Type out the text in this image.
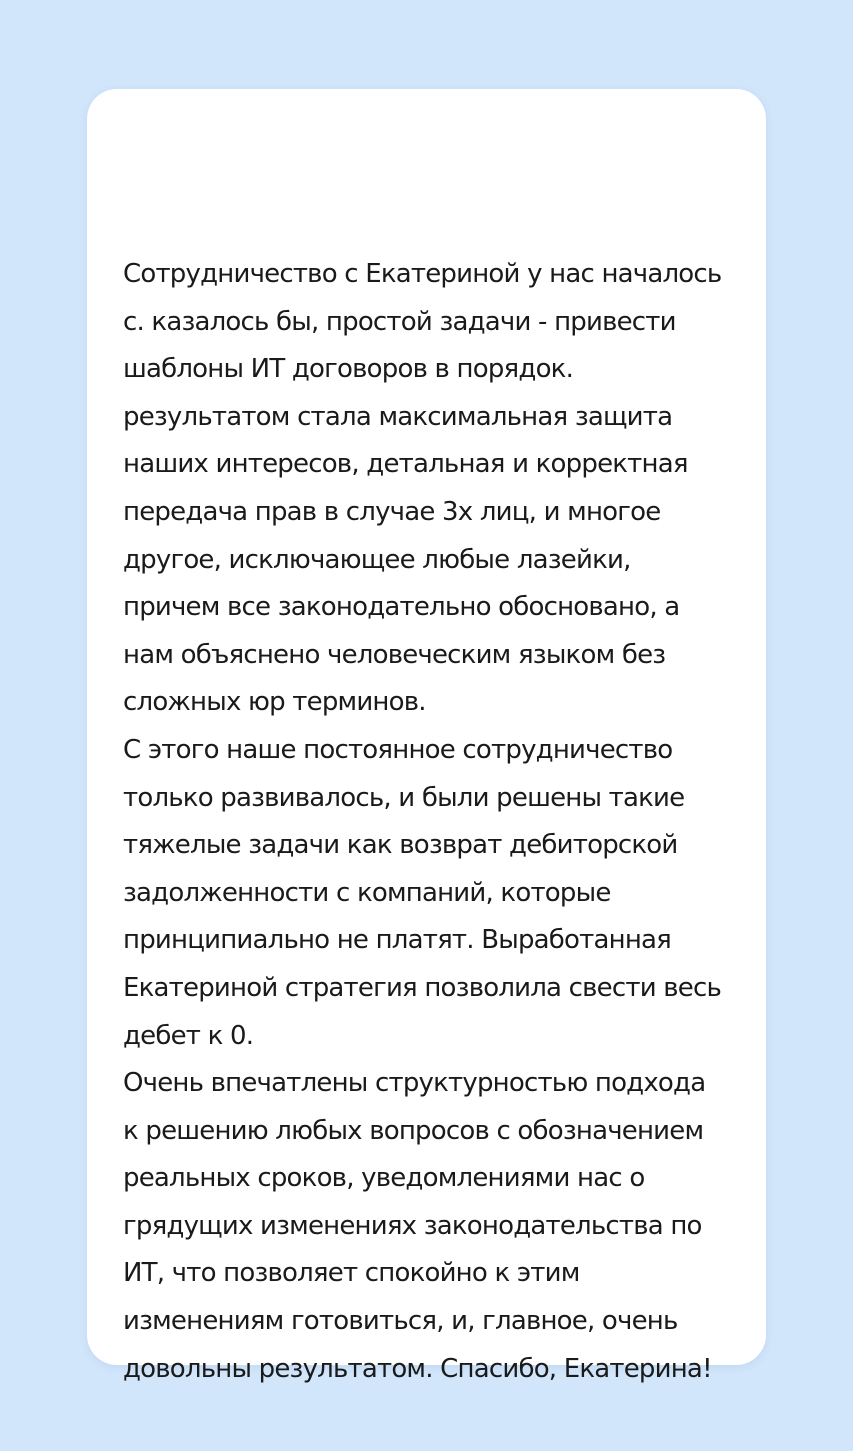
Сотрудничество с Екатериной у нас началось
с. казалось бы, простой задачи - привести
шаблоны ИТ договоров в порядок.
результатом стала максимальная защита
наших интересов, детальная и корректная
передача прав в случае 3х лиц, и многое
другое, исключающее любые лазейки,
причем все законодательно обосновано, а
нам объяснено человеческим языком без
сложных юр терминов.
С этого наше постоянное сотрудничество
только развивалось, и были решены такие
тяжелые задачи как возврат дебиторской
задолженности с компаний, которые
принципиально не платят. Выработанная
Екатериной стратегия позволила свести весь
дебет к 0.
Очень впечатлены структурностью подхода
к решению любых вопросов с обозначением
реальных сроков, уведомлениями нас о
грядущих изменениях законодательства по
ИТ, что позволяет спокойно к этим
изменениям готовиться, и, главное, очень
довольны результатом. Спасибо, Екатерина!
